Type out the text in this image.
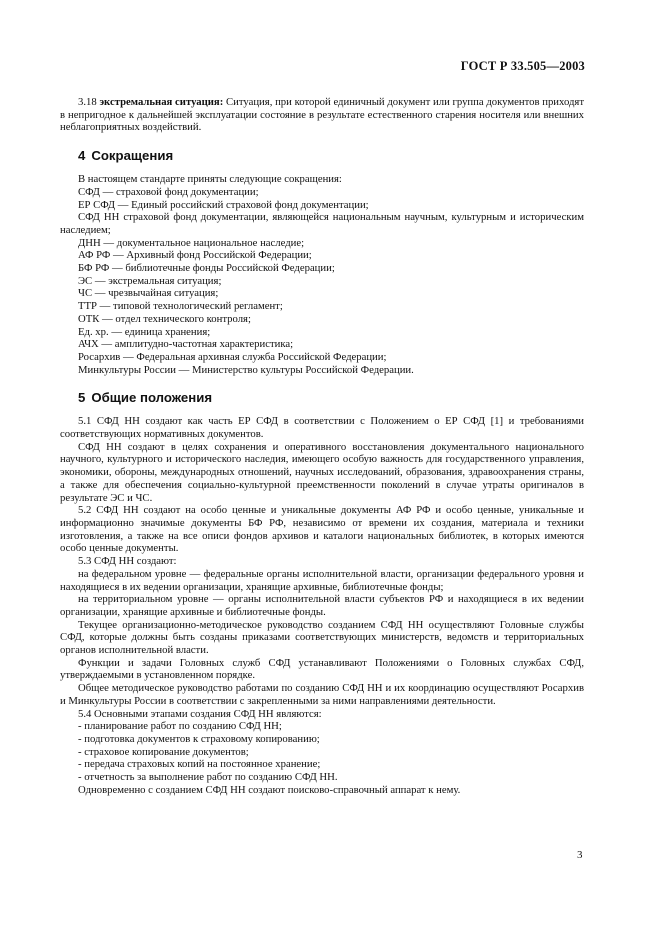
ГОСТ Р 33.505—2003

3.18 экстремальная ситуация: Ситуация, при которой единичный документ или группа документов приходят в непригодное к дальнейшей эксплуатации состояние в результате естественного старения носителя или внешних неблагоприятных воздействий.

4 Сокращения

В настоящем стандарте приняты следующие сокращения:

СФД — страховой фонд документации;

ЕР СФД — Единый российский страховой фонд документации;

СФД НН страховой фонд документации, являющейся национальным научным, культурным и историческим наследием;

ДНН — документальное национальное наследие;

АФ РФ — Архивный фонд Российской Федерации;

БФ РФ — библиотечные фонды Российской Федерации;

ЭС — экстремальная ситуация;

ЧС — чрезвычайная ситуация;

ТТР — типовой технологический регламент;

ОТК — отдел технического контроля;

Ед. хр. — единица хранения;

АЧХ — амплитудно-частотная характеристика;

Росархив — Федеральная архивная служба Российской Федерации;

Минкультуры России — Министерство культуры Российской Федерации.

5 Общие положения

5.1 СФД НН создают как часть ЕР СФД в соответствии с Положением о ЕР СФД [1] и требованиями соответствующих нормативных документов.

СФД НН создают в целях сохранения и оперативного восстановления документального национального научного, культурного и исторического наследия, имеющего особую важность для государственного управления, экономики, обороны, международных отношений, научных исследований, образования, здравоохранения страны, а также для обеспечения социально-культурной преемственности поколений в случае утраты оригиналов в результате ЭС и ЧС.

5.2 СФД НН создают на особо ценные и уникальные документы АФ РФ и особо ценные, уникальные и информационно значимые документы БФ РФ, независимо от времени их создания, материала и техники изготовления, а также на все описи фондов архивов и каталоги национальных библиотек, в которых имеются особо ценные документы.

5.3 СФД НН создают:

на федеральном уровне — федеральные органы исполнительной власти, организации федерального уровня и находящиеся в их ведении организации, хранящие архивные, библиотечные фонды;

на территориальном уровне — органы исполнительной власти субъектов РФ и находящиеся в их ведении организации, хранящие архивные и библиотечные фонды.

Текущее организационно-методическое руководство созданием СФД НН осуществляют Головные службы СФД, которые должны быть созданы приказами соответствующих министерств, ведомств и территориальных органов исполнительной власти.

Функции и задачи Головных служб СФД устанавливают Положениями о Головных службах СФД, утверждаемыми в установленном порядке.

Общее методическое руководство работами по созданию СФД НН и их координацию осуществляют Росархив и Минкультуры России в соответствии с закрепленными за ними направлениями деятельности.

5.4 Основными этапами создания СФД НН являются:

- планирование работ по созданию СФД НН;

- подготовка документов к страховому копированию;

- страховое копирование документов;

- передача страховых копий на постоянное хранение;

- отчетность за выполнение работ по созданию СФД НН.

Одновременно с созданием СФД НН создают поисково-справочный аппарат к нему.

3
